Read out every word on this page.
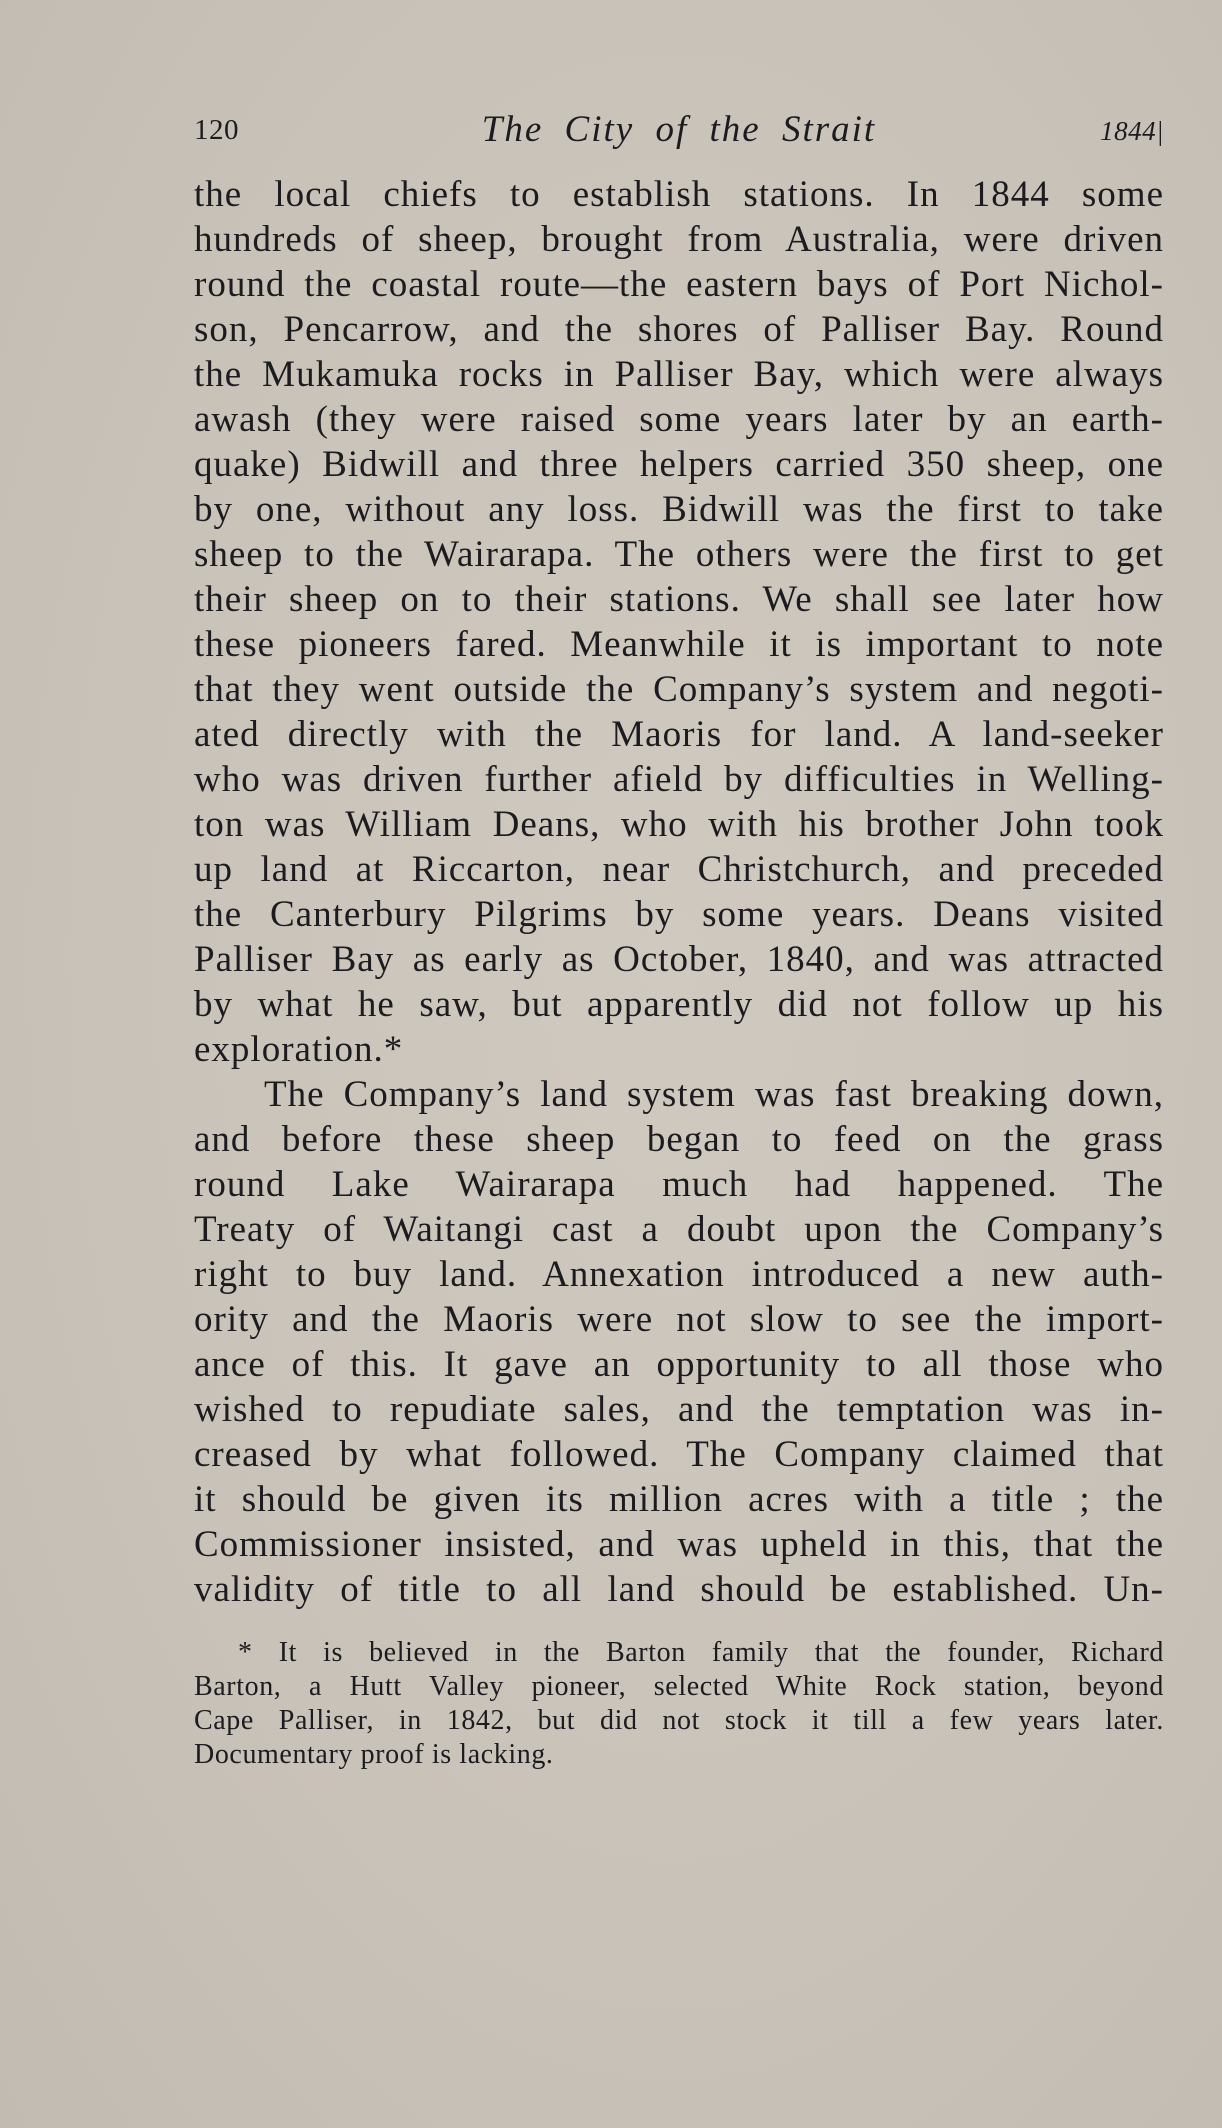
120	The City of the Strait	1844|
the local chiefs to establish stations. In 1844 some
hundreds of sheep, brought from Australia, were driven
round the coastal route—the eastern bays of Port Nichol-
son, Pencarrow, and the shores of Palliser Bay. Round
the Mukamuka rocks in Palliser Bay, which were always
awash (they were raised some years later by an earth-
quake) Bidwill and three helpers carried 350 sheep, one
by one, without any loss. Bidwill was the first to take
sheep to the Wairarapa. The others were the first to get
their sheep on to their stations. We shall see later how
these pioneers fared. Meanwhile it is important to note
that they went outside the Company’s system and negoti-
ated directly with the Maoris for land. A land-seeker
who was driven further afield by difficulties in Welling-
ton was William Deans, who with his brother John took
up land at Riccarton, near Christchurch, and preceded
the Canterbury Pilgrims by some years. Deans visited
Palliser Bay as early as October, 1840, and was attracted
by what he saw, but apparently did not follow up his
exploration.*
The Company’s land system was fast breaking down,
and before these sheep began to feed on the grass
round Lake Wairarapa much had happened. The
Treaty of Waitangi cast a doubt upon the Company’s
right to buy land. Annexation introduced a new auth-
ority and the Maoris were not slow to see the import-
ance of this. It gave an opportunity to all those who
wished to repudiate sales, and the temptation was in-
creased by what followed. The Company claimed that
it should be given its million acres with a title ; the
Commissioner insisted, and was upheld in this, that the
validity of title to all land should be established. Un-
* It is believed in the Barton family that the founder, Richard
Barton, a Hutt Valley pioneer, selected White Rock station, beyond
Cape Palliser, in 1842, but did not stock it till a few years later.
Documentary proof is lacking.
